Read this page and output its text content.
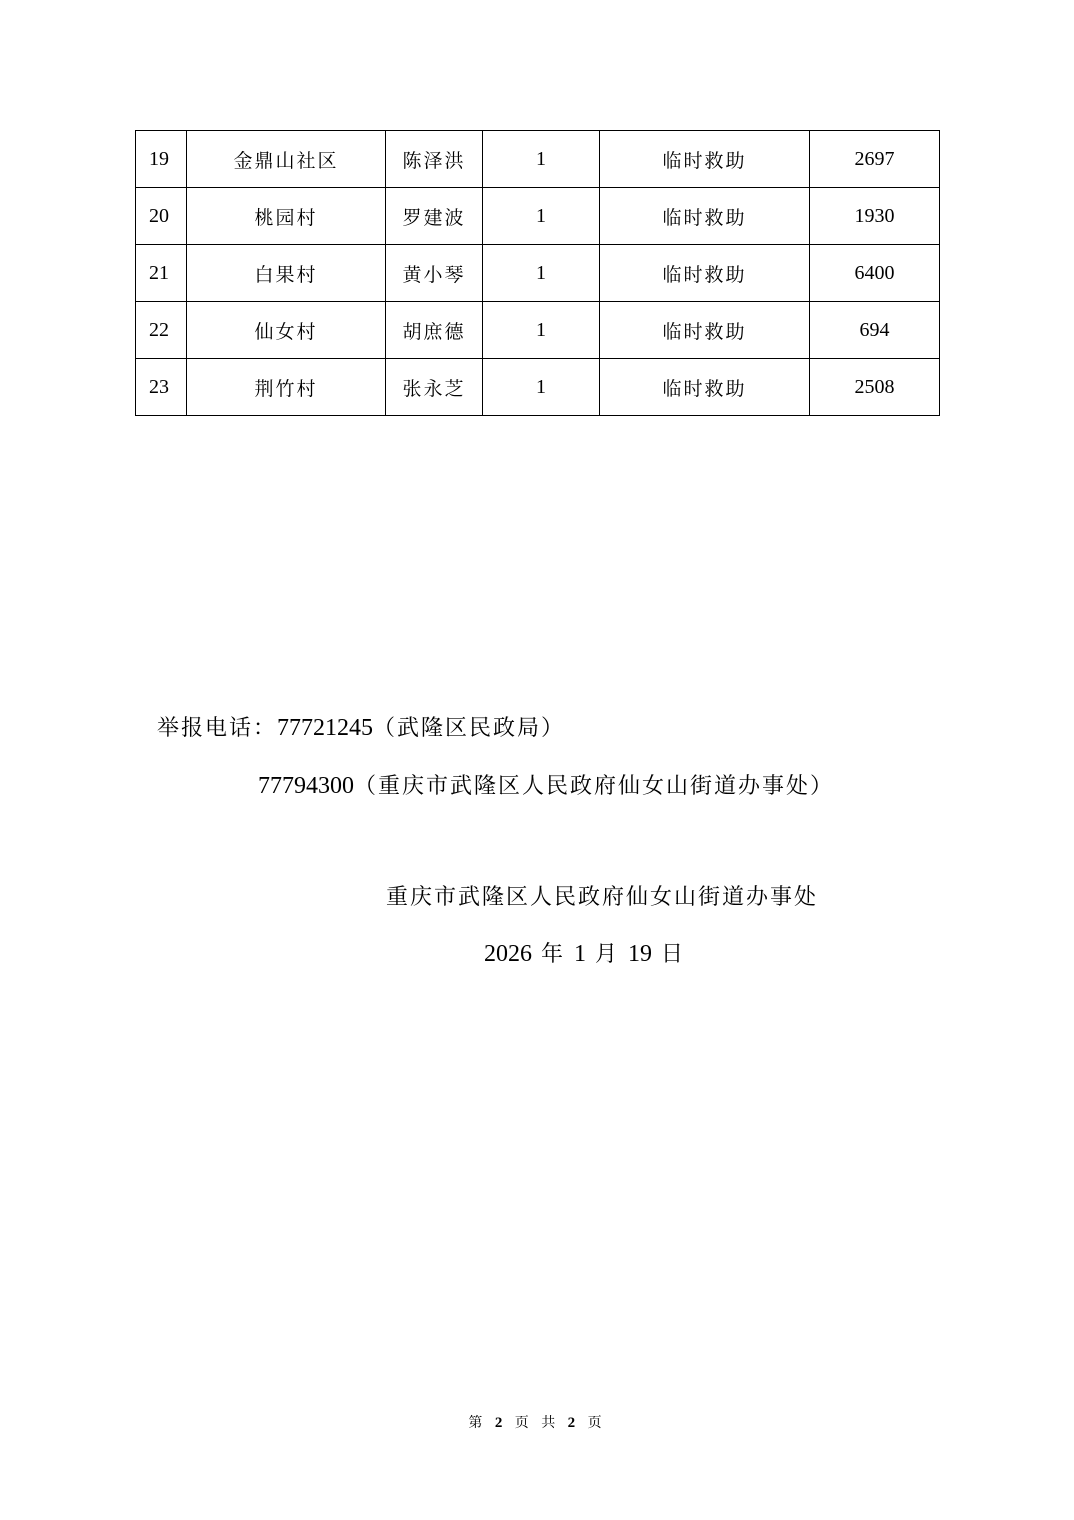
19	金鼎山社区	陈泽洪	1	临时救助	2697
20	桃园村	罗建波	1	临时救助	1930
21	白果村	黄小琴	1	临时救助	6400
22	仙女村	胡庶德	1	临时救助	694
23	荆竹村	张永芝	1	临时救助	2508
举报电话：77721245（武隆区民政局）
77794300（重庆市武隆区人民政府仙女山街道办事处）
重庆市武隆区人民政府仙女山街道办事处
2026 年 1 月 19 日
第 2 页 共 2 页
